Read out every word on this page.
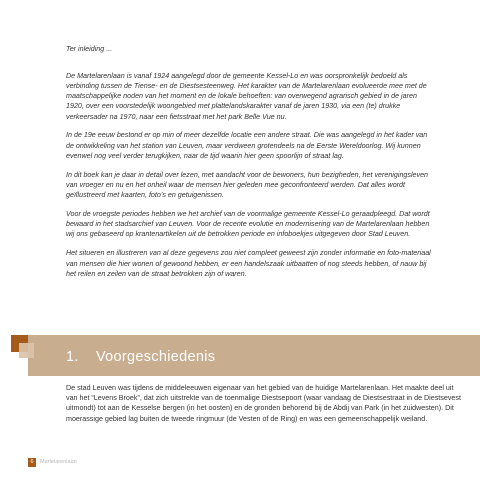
Ter inleiding ...

De Martelarenlaan is vanaf 1924 aangelegd door de gemeente Kessel-Lo en was oorspronkelijk bedoeld als verbinding tussen de Tiense- en de Diestsesteenweg. Het karakter van de Martelarenlaan evolueerde mee met de maatschappelijke noden van het moment en de lokale behoeften: van overwegend agrarisch gebied in de jaren 1920, over een voorstedelijk woongebied met plattelandskarakter vanaf de jaren 1930, via een (te) drukke verkeersader na 1970, naar een fietsstraat met het park Belle Vue nu.

In de 19e eeuw bestond er op min of meer dezelfde locatie een andere straat. Die was aangelegd in het kader van de ontwikkeling van het station van Leuven, maar verdween grotendeels na de Eerste Wereldoorlog. Wij kunnen evenwel nog veel verder terugkijken, naar de tijd waarin hier geen spoorlijn of straat lag.

In dit boek kan je daar in detail over lezen, met aandacht voor de bewoners, hun bezigheden, het verenigingsleven van vroeger en nu en het onheil waar de mensen hier geleden mee geconfronteerd werden. Dat alles wordt geïllustreerd met kaarten, foto’s en getuigenissen.

Voor de vroegste periodes hebben we het archief van de voormalige gemeente Kessel-Lo geraadpleegd. Dat wordt bewaard in het stadsarchief van Leuven. Voor de recente evolutie en modernisering van de Martelarenlaan hebben wij ons gebaseerd op krantenartikelen uit de betrokken periode en infoboekjes uitgegeven door Stad Leuven.

Het situeren en illustreren van al deze gegevens zou niet compleet geweest zijn zonder informatie en foto-materiaal van mensen die hier wonen of gewoond hebben, er een handelszaak uitbaatten of nog steeds hebben, of nauw bij het reilen en zeilen van de straat betrokken zijn of waren.

1. Voorgeschiedenis

De stad Leuven was tijdens de middeleeuwen eigenaar van het gebied van de huidige Martelarenlaan. Het maakte deel uit van het “Levens Broek”, dat zich uitstrekte van de toenmalige Diestsepoort (waar vandaag de Diestsestraat in de Diestsevest uitmondt) tot aan de Kesselse bergen (in het oosten) en de gronden behorend bij de Abdij van Park (in het zuidwesten). Dit moerassige gebied lag buiten de tweede ringmuur (de Vesten of de Ring) en was een gemeenschappelijk weiland.

6	Martelarenlaan
